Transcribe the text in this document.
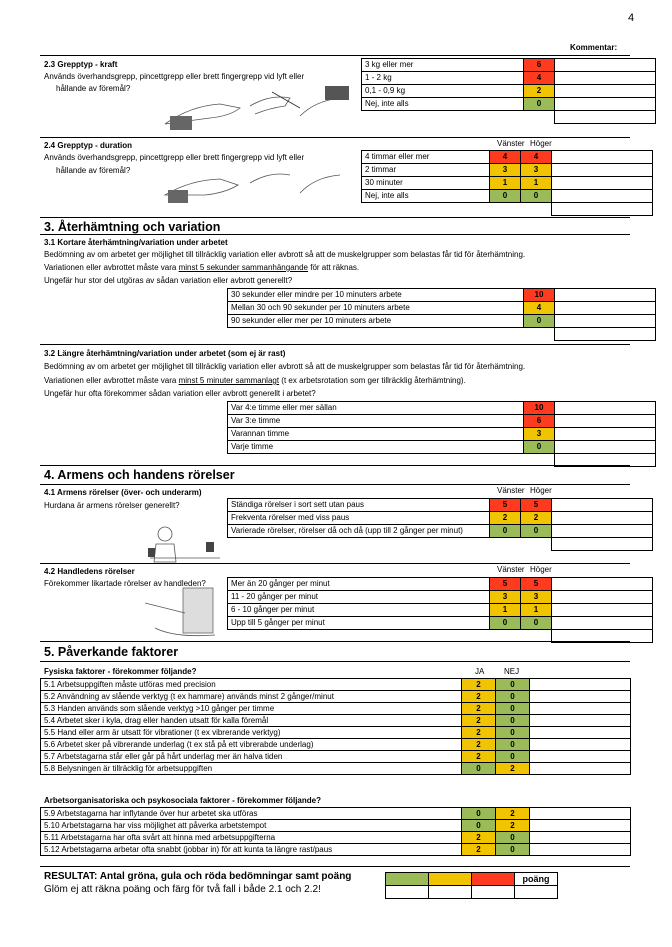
4
Kommentar:
2.3 Grepptyp - kraft
Används överhandsgrepp, pincettgrepp eller brett fingergrepp vid lyft eller
hållande av föremål?
3 kg eller mer	6	
1 - 2 kg	4	
0,1 - 0,9 kg	2	
Nej, inte alls	0	

Vänster Höger
2.4 Grepptyp - duration
Används överhandsgrepp, pincettgrepp eller brett fingergrepp vid lyft eller
hållande av föremål?
4 timmar eller mer	4	4	
2 timmar	3	3	
30 minuter	1	1	
Nej, inte alls	0	0	

3. Återhämtning och variation
3.1 Kortare återhämtning/variation under arbetet
Bedömning av om arbetet ger möjlighet till tillräcklig variation eller avbrott så att de muskelgrupper som belastas får tid för återhämtning.
Variationen eller avbrottet måste vara minst 5 sekunder sammanhängande för att räknas.
Ungefär hur stor del utgöras av sådan variation eller avbrott generellt?
30 sekunder eller mindre per 10 minuters arbete	10	
Mellan 30 och 90 sekunder per 10 minuters arbete	4	
90 sekunder eller mer per 10 minuters arbete	0	

3.2 Längre återhämtning/variation under arbetet (som ej är rast)
Bedömning av om arbetet ger möjlighet till tillräcklig variation eller avbrott så att de muskelgrupper som belastas får tid för återhämtning.
Variationen eller avbrottet måste vara minst 5 minuter sammanlagt (t ex arbetsrotation som ger tillräcklig återhämtning).
Ungefär hur ofta förekommer sådan variation eller avbrott generellt i arbetet?
Var 4:e timme eller mer sällan	10	
Var 3:e timme	6	
Varannan timme	3	
Varje timme	0	

4. Armens och handens rörelser
Vänster Höger
4.1 Armens rörelser (över- och underarm)
Hurdana är armens rörelser generellt?	Ständiga rörelser i sort sett utan paus	5	5	
Frekventa rörelser med viss paus	2	2	
Varierade rörelser, rörelser då och då (upp till 2 gånger per minut)	0	0	

Vänster Höger
4.2 Handledens rörelser
Förekommer likartade rörelser av handleden?	Mer än 20 gånger per minut	5	5	
11 - 20 gånger per minut	3	3	
6 - 10 gånger per minut	1	1	
Upp till 5 gånger per minut	0	0	

5. Påverkande faktorer
Fysiska faktorer - förekommer följande?	JA NEJ
5.1 Arbetsuppgiften måste utföras med precision	2	0	
5.2 Användning av slående verktyg (t ex hammare) används minst 2 gånger/minut	2	0	
5.3 Handen används som slående verktyg >10 gånger per timme	2	0	
5.4 Arbetet sker i kyla, drag eller handen utsatt för kalla föremål	2	0	
5.5 Hand eller arm är utsatt för vibrationer (t ex vibrerande verktyg)	2	0	
5.6 Arbetet sker på vibrerande underlag (t ex stå på ett vibrerabde underlag)	2	0	
5.7 Arbetstagarna står eller går på hårt underlag mer än halva tiden	2	0	
5.8 Belysningen är tillräcklig för arbetsuppgiften	0	2	
Arbetsorganisatoriska och psykosociala faktorer - förekommer följande?
5.9 Arbetstagarna har inflytande över hur arbetet ska utföras	0	2	
5.10 Arbetstagarna har viss möjlighet att påverka arbetstempot	0	2	
5.11 Arbetstagarna har ofta svårt att hinna med arbetsuppgifterna	2	0	
5.12 Arbetstagarna arbetar ofta snabbt (jobbar in) för att kunta ta längre rast/paus	2	0	
RESULTAT: Antal gröna, gula och röda bedömningar samt poäng
Glöm ej att räkna poäng och färg för två fall i både 2.1 och 2.2!
			poäng
